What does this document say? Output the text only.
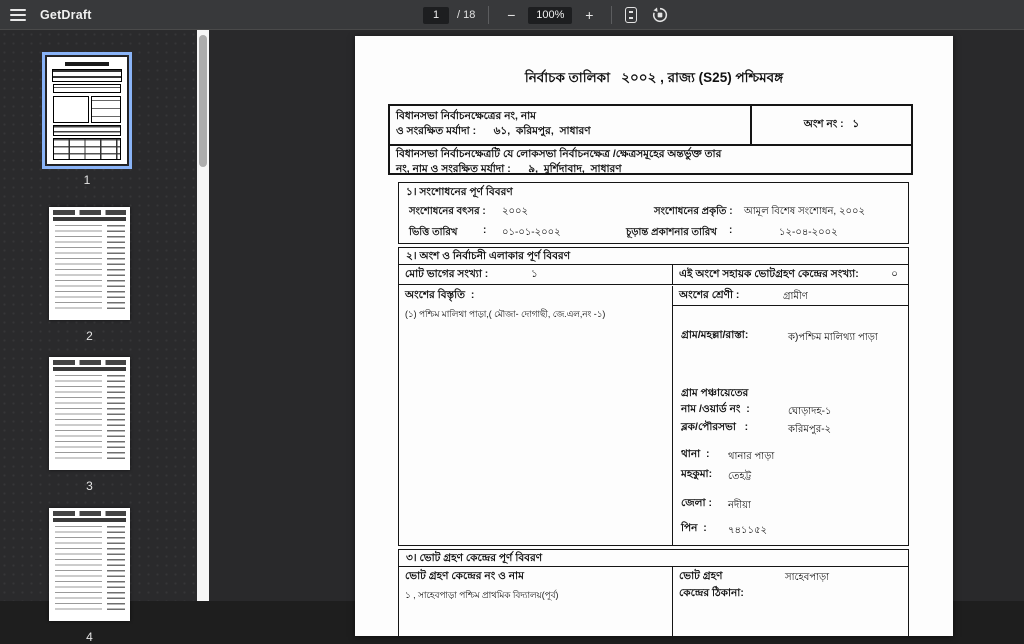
GetDraft	1	/ 18	−	100%	+
1
2
3
4
নির্বাচক তালিকা   ২০০২ , রাজ্য (S25) পশ্চিমবঙ্গ
বিধানসভা নির্বাচনক্ষেত্রের নং, নাম
ও সংরক্ষিত মর্যাদা :      ৬১,  করিমপুর,  সাধারণ
অংশ নং :   ১
বিধানসভা নির্বাচনক্ষেত্রটি যে লোকসভা নির্বাচনক্ষেত্র /ক্ষেত্রসমূহের অন্তর্ভুক্ত তার
নং, নাম ও সংরক্ষিত মর্যাদা :      ৯,  মুর্শিদাবাদ,  সাধারণ
১। সংশোধনের পূর্ণ বিবরণ
সংশোধনের বৎসর : ২০০২	সংশোধনের প্রকৃতি : আমূল বিশেষ সংশোধন, ২০০২
ভিত্তি তারিখ	: ০১-০১-২০০২	চূড়ান্ত প্রকাশনার তারিখ :	১২-০৪-২০০২
২। অংশ ও নির্বাচনী এলাকার পূর্ণ বিবরণ
মোট ভাগের সংখ্যা :	১	এই অংশে সহায়ক ভোটগ্রহণ কেন্দ্রের সংখ্যা:	০
অংশের বিস্তৃতি  :
(১) পশ্চিম মালিথা পাড়া,( মৌজা- দোগাছী, জে.এল,নং -১)
অংশের শ্রেণী :	গ্রামীণ
গ্রাম/মহল্লা/রাস্তা:	ক)পশ্চিম মালিথ্যা পাড়া
গ্রাম পঞ্চায়েতের
নাম /ওয়ার্ড নং  :	ঘোড়াদহ-১
ব্লক/পৌরসভা   :	করিমপুর-২
থানা  : থানার পাড়া
মহকুমা: তেহট্ট
জেলা : নদীয়া
পিন  : ৭৪১১৫২
৩। ভোট গ্রহণ কেন্দ্রের পূর্ণ বিবরণ
ভোট গ্রহণ কেন্দ্রের নং ও নাম
১ , সাহেবপাড়া পশ্চিম প্রাথমিক বিদ্যালয়(পূর্ব)
ভোট গ্রহণ
কেন্দ্রের ঠিকানা:
সাহেবপাড়া
